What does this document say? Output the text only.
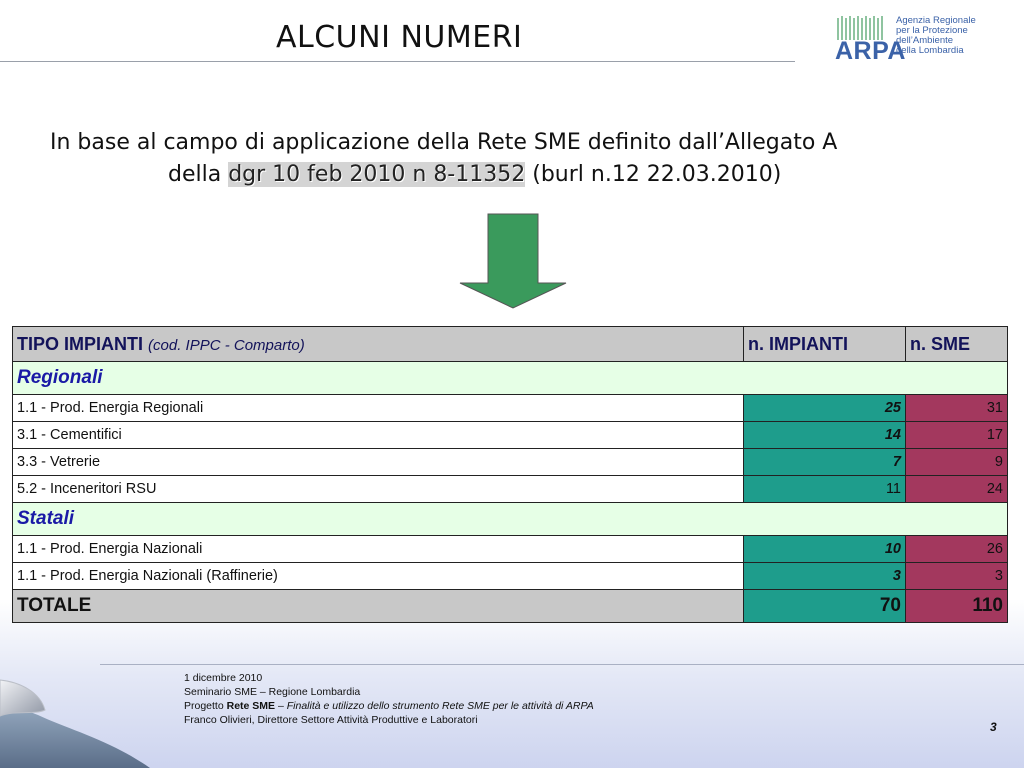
ALCUNI NUMERI	ARPA
Agenzia Regionale
per la Protezione dell’Ambiente
della Lombardia
In base al campo di applicazione della Rete SME definito dall’Allegato A
della dgr 10 feb 2010 n 8-11352 (burl n.12 22.03.2010)
TIPO IMPIANTI (cod. IPPC - Comparto)	n. IMPIANTI	n. SME
Regionali		
1.1 - Prod. Energia Regionali	25	31
3.1 - Cementifici	14	17
3.3 - Vetrerie	7	9
5.2 - Inceneritori RSU	11	24
Statali		
1.1 - Prod. Energia Nazionali	10	26
1.1 - Prod. Energia Nazionali (Raffinerie)	3	3
TOTALE	70	110
1 dicembre 2010
Seminario SME – Regione Lombardia
Progetto Rete SME – Finalità e utilizzo dello strumento Rete SME per le attività di ARPA
Franco Olivieri, Direttore Settore Attività Produttive e Laboratori	3
